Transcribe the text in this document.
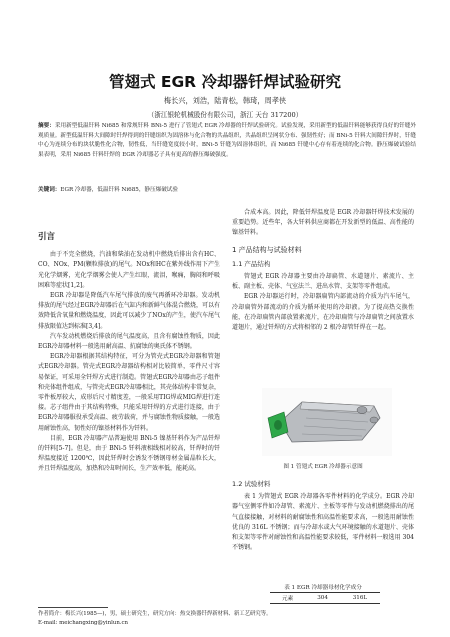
管翅式 EGR 冷却器钎焊试验研究
梅长兴，刘浩，陆青松，韩琦，周孝侠
（浙江银轮机械股份有限公司，浙江 天台 317200）
摘要：采用新型低温钎料 Ni685 和常规钎料 BNi-5 进行了管翅式 EGR 冷却器的钎焊试验研究。试验发现，采用新型的低温钎料能够获得良好的钎缝外观质量。新型低温钎料大间隙时钎焊得到的钎缝组织为固溶体与化合物的共晶组织，共晶组织呈网状分布、强韧性好；而 BNi-5 钎料大间隙钎焊时，钎缝中心为连续分布的块状脆性化合物，韧性低，当钎缝宽度较小时，BNi-5 钎缝为固溶体组织，而 Ni685 钎缝中心存有着连续的化合物。静压爆破试验结果表明，采用 Ni685 钎料钎焊的 EGR 冷却器芯子具有更高的静压爆破强度。
关键词：EGR 冷却器，低温钎料 Ni685，静压爆破试验
引言

由于不完全燃烧，汽油和柴油在发动机中燃烧后排出含有HC、CO、NOx、PM(颗粒排放)的尾气。NOx和HC在紫外线作用下产生光化学烟雾，光化学烟雾会使人产生红眼，流泪，喉痛，胸闷和呼吸困难等症状[1,2]。

EGR 冷却器是降低汽车尾气排放的废气再循环冷却器。发动机排放的尾气经过EGR冷却器后在气缸内和新鲜气体混合燃烧，可以有效降低含氧量和燃烧温度，因此可以减少了NOx的产生，使汽车尾气排放限值达到标准[3,4]。

汽车发动机燃烧后排放的尾气温度高，且含有腐蚀性物质，因此EGR冷却器材料一般选用耐高温、抗腐蚀的奥氏体不锈钢。

EGR冷却器根据其结构特征，可分为管壳式EGR冷却器和管翅式EGR冷却器。管壳式EGR冷却器结构相对比较简单，零件尺寸容易保证，可采用全钎焊方式进行制造。管翅式EGR冷却器由芯子组件和壳体组件组成，与管壳式EGR冷却器相比，其壳体结构非常复杂，零件板厚较大，成形后尺寸精度差，一般采用TIG焊或MIG焊进行连接。芯子组件由于其结构特殊，只能采用钎焊的方式进行连接，由于EGR冷却器服役承受高温、疲劳载荷，并与腐蚀性物质接触，一般选用耐蚀性高，韧性好的镍基材料作为钎料。

目前，EGR 冷却器产品普遍使用 BNi-5 镍基钎料作为产品钎焊的钎料[5-7]。但是，由于 BNi-5 钎料液相线相对较高，钎焊时的钎焊温度接近 1200℃，因此钎焊时会诱发不锈钢母材金属晶粒长大，并且钎焊温度高，加热和冷却时间长，生产效率低，能耗高。

合成本高。因此，降低钎焊温度是 EGR 冷却器钎焊技术发展的重要趋势。近些年，各大钎料供应商都在开发新型的低温、高性能的镍基钎料。

1 产品结构与试验材料
1.1 产品结构

管翅式 EGR 冷却器主要由冷却扁管、水道翅片、素流片、主板、副主板、壳体、气室法兰、进出水管、支架等零件组成。

EGR 冷却器运行时，冷却器扁管内部流动的介质为汽车尾气，冷却扁管外部流动的介质为循环使用的冷却液。为了提高热交换性能，在冷却扁管内部放置素流片，在冷却扁管与冷却扁管之间放置水道翅片，通过钎焊的方式将相邻的 2 根冷却管钎焊在一起。

图 1 管翅式 EGR 冷却器示意图
1.2 试验材料

表 1 为管翅式 EGR 冷却器各零件材料的化学成分。EGR 冷却器气室侧零件如冷却管、素流片、主板等零件与发动机燃烧排出的尾气直接接触，对材料的耐腐蚀性和高温性能要求高，一般选用耐蚀性优良的 316L 不锈钢；而与冷却水或大气环境接触的水道翅片、壳体和支架等零件对耐蚀性和高温性能要求较低，零件材料一般选用 304 不锈钢。

表 1 EGR 冷却器母材化学成分
元素	304	316L
作者简介：梅长兴(1985—)，男，硕士研究生，研究方向：热交换器钎焊新材料、新工艺研究等。
E-mail: meichangxing@yinlun.cn
